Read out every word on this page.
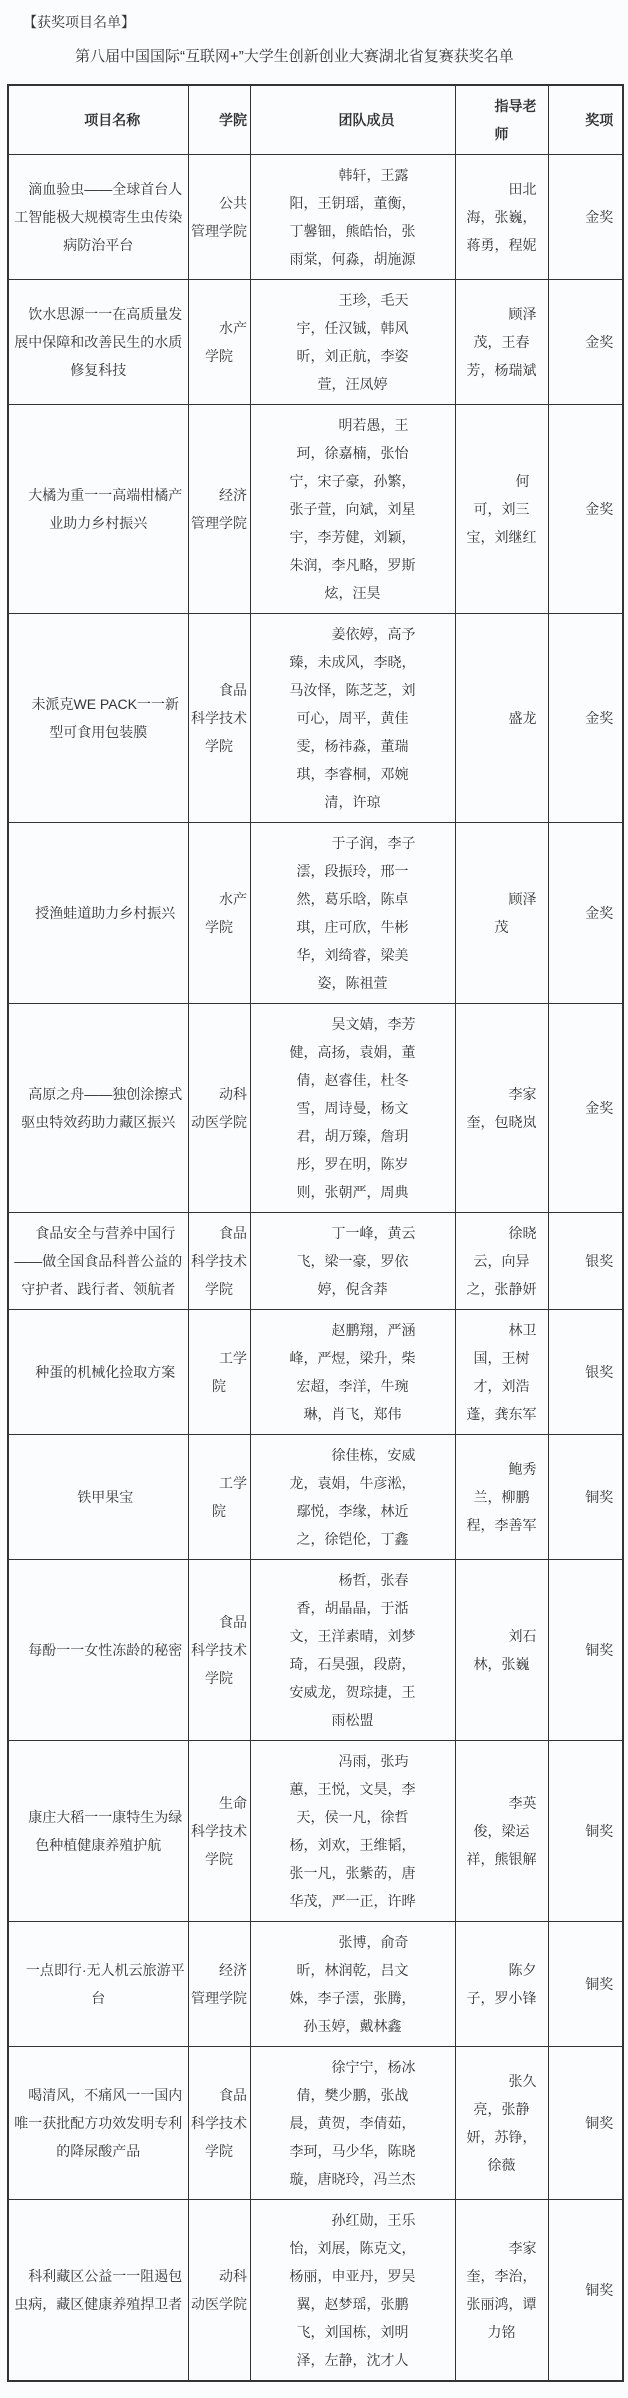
【获奖项目名单】

第八届中国国际“互联网+”大学生创新创业大赛湖北省复赛获奖名单

项目名称	学院	团队成员	指导老师	奖项

滴血验虫——全球首台人工智能极大规模寄生虫传染病防治平台	公共管理学院	韩轩，王露阳，王钥瑶，董衡，丁馨钿，熊皓怡，张雨棠，何淼，胡施源	田北海，张巍，蒋勇，程妮	金奖

饮水思源一一在高质量发展中保障和改善民生的水质修复科技	水产学院	王珍，毛天宇，任汉铖，韩风昕，刘正航，李姿萱，汪凤婷	顾泽茂，王春芳，杨瑞斌	金奖

大橘为重一一高端柑橘产业助力乡村振兴	经济管理学院	明若愚，王珂，徐嘉楠，张怡宁，宋子豪，孙繁，张子萱，向斌，刘星宇，李芳健，刘颖，朱润，李凡略，罗斯炫，汪昊	何可，刘三宝，刘继红	金奖

未派克WE PACK一一新型可食用包装膜	食品科学技术学院	姜依婷，高予臻，未成风，李晓，马汝怿，陈芝芝，刘可心，周平，黄佳雯，杨祎淼，董瑞琪，李睿桐，邓婉清，许琼	盛龙	金奖

授渔蛙道助力乡村振兴	水产学院	于子润，李子澐，段振玲，邢一然，葛乐晗，陈卓琪，庄可欣，牛彬华，刘绮睿，梁美姿，陈祖萱	顾泽茂	金奖

高原之舟——独创涂擦式驱虫特效药助力藏区振兴	动科动医学院	吴文婧，李芳健，高扬，袁娟，董倩，赵睿佳，杜冬雪，周诗曼，杨文君，胡万臻，詹玥彤，罗在明，陈岁则，张朝严，周典	李家奎，包晓岚	金奖

食品安全与营养中国行——做全国食品科普公益的守护者、践行者、领航者	食品科学技术学院	丁一峰，黄云飞，梁一豪，罗依婷，倪含莽	徐晓云，向异之，张静妍	银奖

种蛋的机械化捡取方案	工学院	赵鹏翔，严涵峰，严煜，梁升，柴宏超，李洋，牛琬琳，肖飞，郑伟	林卫国，王树才，刘浩蓬，龚东军	银奖

铁甲果宝	工学院	徐佳栋，安威龙，袁娟，牛彦淞，鄢悦，李缘，林近之，徐铠伦，丁鑫	鲍秀兰，柳鹏程，李善军	铜奖

每酚一一女性冻龄的秘密	食品科学技术学院	杨哲，张春香，胡晶晶，于湉文，王洋素晴，刘梦琦，石昊强，段蔚，安威龙，贺琮捷，王雨松盟	刘石林，张巍	铜奖

康庄大稻一一康特生为绿色种植健康养殖护航	生命科学技术学院	冯雨，张玙蕙，王悦，文昊，李天，侯一凡，徐哲杨，刘欢，王维韬，张一凡，张紫菂，唐华茂，严一正，许晔	李英俊，梁运祥，熊银解	铜奖

一点即行·无人机云旅游平台	经济管理学院	张博，俞奇昕，林润乾，吕文姝，李子澐，张腾，孙玉婷，戴林鑫	陈夕子，罗小锋	铜奖

喝清风，不痛风一一国内唯一获批配方功效发明专利的降尿酸产品	食品科学技术学院	徐宁宁，杨冰倩，樊少鹏，张战晨，黄贺，李倩茹，李珂，马少华，陈晓璇，唐晓玲，冯兰杰	张久亮，张静妍，苏铮，徐薇	铜奖

科利藏区公益一一阻遏包虫病，藏区健康养殖捍卫者	动科动医学院	孙红勋，王乐怡，刘展，陈克文，杨丽，申亚丹，罗吴翼，赵梦瑶，张鹏飞，刘国栋，刘明泽，左静，沈才人	李家奎，李治，张丽鸿，谭力铭	铜奖
